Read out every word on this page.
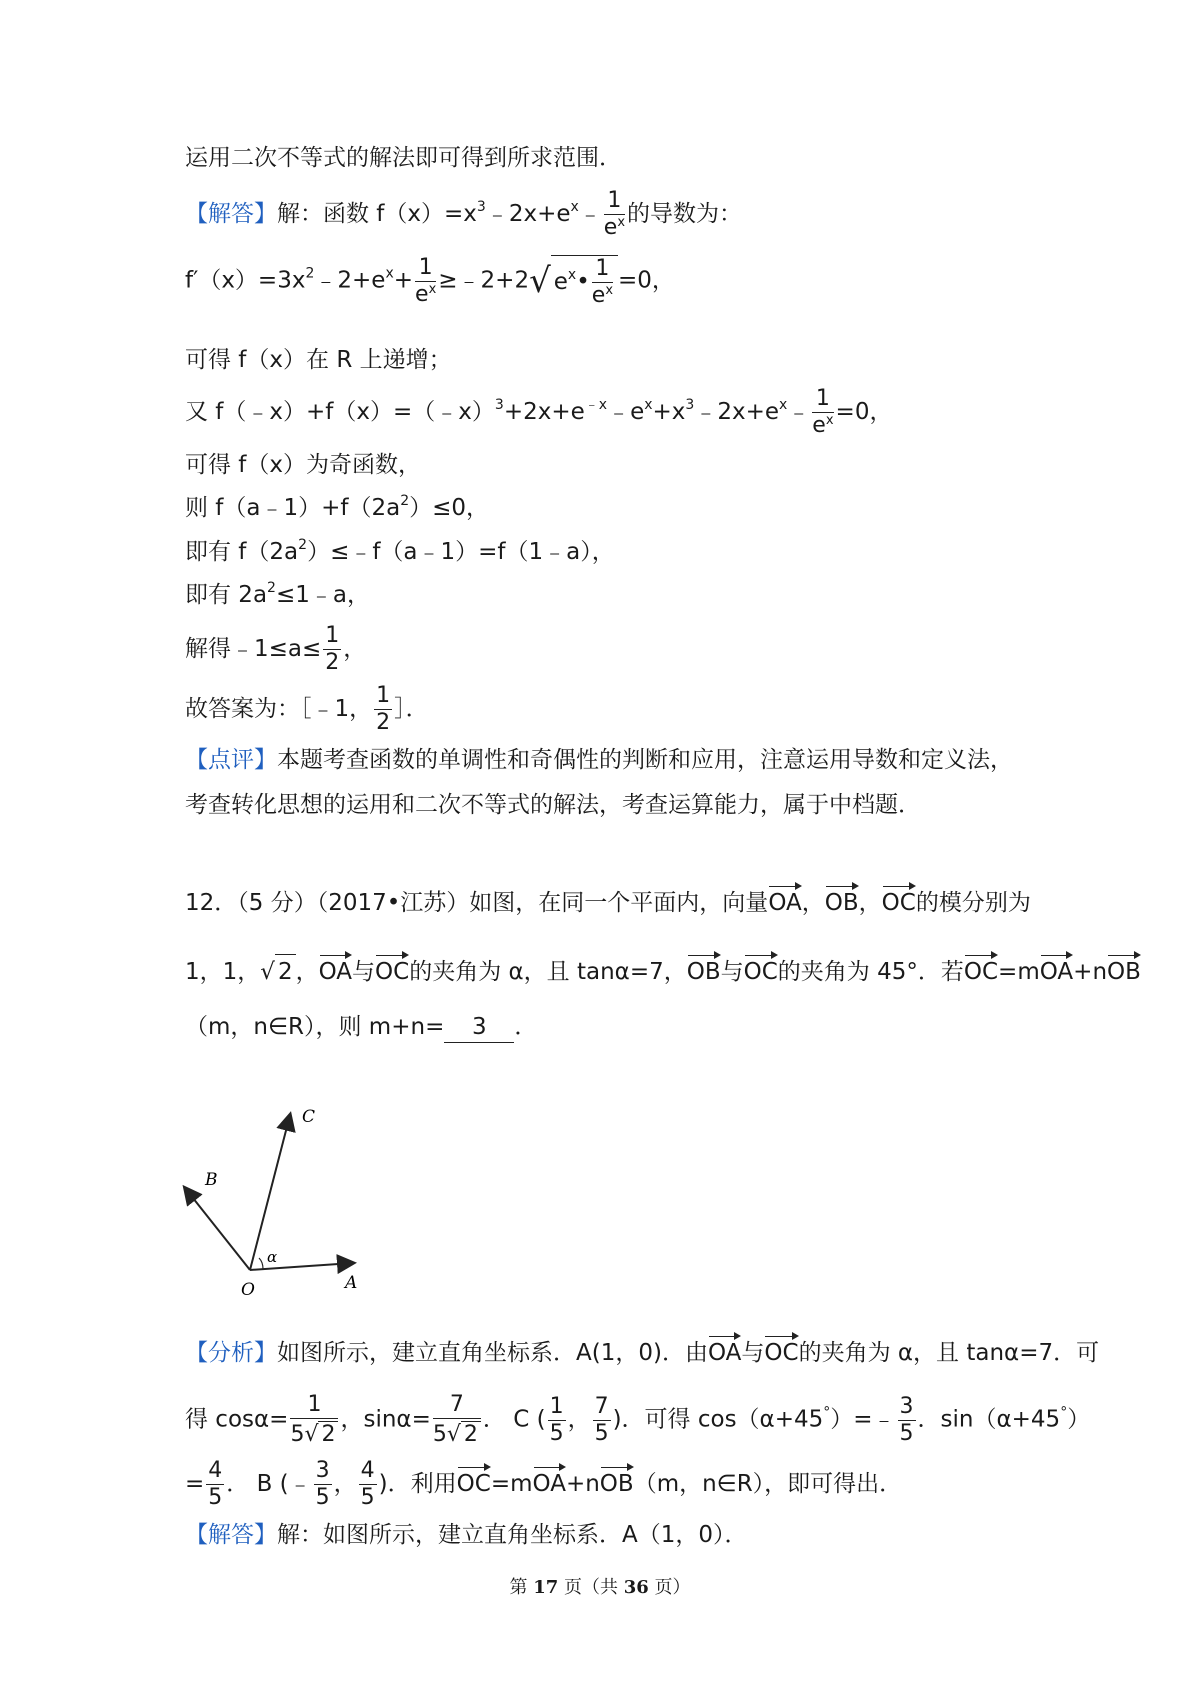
运用二次不等式的解法即可得到所求范围．
【解答】解：函数 $f(x)=x^3﹣2x+e^x﹣ \frac{1}{e^x}$ 的导数为：
$f'(x)=3x^2﹣2+e^x+ \frac{1}{e^x}$ ≥﹣2+2√ $e^x• \frac{1}{e^x} =0$，
可得 f（x）在 R 上递增；
又 $f(﹣x)+f(x)=(﹣x)^3+2x+e^{﹣x}﹣e^x+x^3﹣2x+e^x﹣ \frac{1}{e^x} =0$，
可得 f（x）为奇函数，
则 $f(a﹣1)+f(2a^2)\le 0$，
即有 $f(2a^2)\le﹣f(a﹣1)=f(1﹣a)$，
即有 $2a^2\le 1﹣a$，
解得﹣1≤a≤ $\frac{1}{2}$ ，
故答案为：［﹣1， $\frac{1}{2}$ ］．
【点评】本题考查函数的单调性和奇偶性的判断和应用，注意运用导数和定义法，
考查转化思想的运用和二次不等式的解法，考查运算能力，属于中档题．
12．（5 分）（2017•江苏）如图，在同一个平面内，向量OA，OB，OC的模分别为
1，1，√ 2 ，OA与OC的夹角为 α，且 tanα=7，OB与OC的夹角为 45°．若OC=mOA+nOB
（m，n∈R），则 m+n= 3 ．
C
B
α
O	A
【分析】如图所示，建立直角坐标系．A(1，0)．由OA与OC的夹角为 α，且 tanα=7．可
得 $\cos\alpha= \frac{1}{5√ 2}$ ，$\sin\alpha= \frac{7}{5√ 2}$ ． C ( $\frac{1}{5}$ ， $\frac{7}{5}$ )．可得 cos（α+45°）=﹣ $\frac{3}{5}$ ．sin（α+45°）
= $\frac{4}{5}$ ． B (﹣ $\frac{3}{5}$ ， $\frac{4}{5}$ )．利用OC=mOA+nOB（m，n∈R），即可得出．
【解答】解：如图所示，建立直角坐标系．A（1，0）．
第 17 页（共 36 页）
